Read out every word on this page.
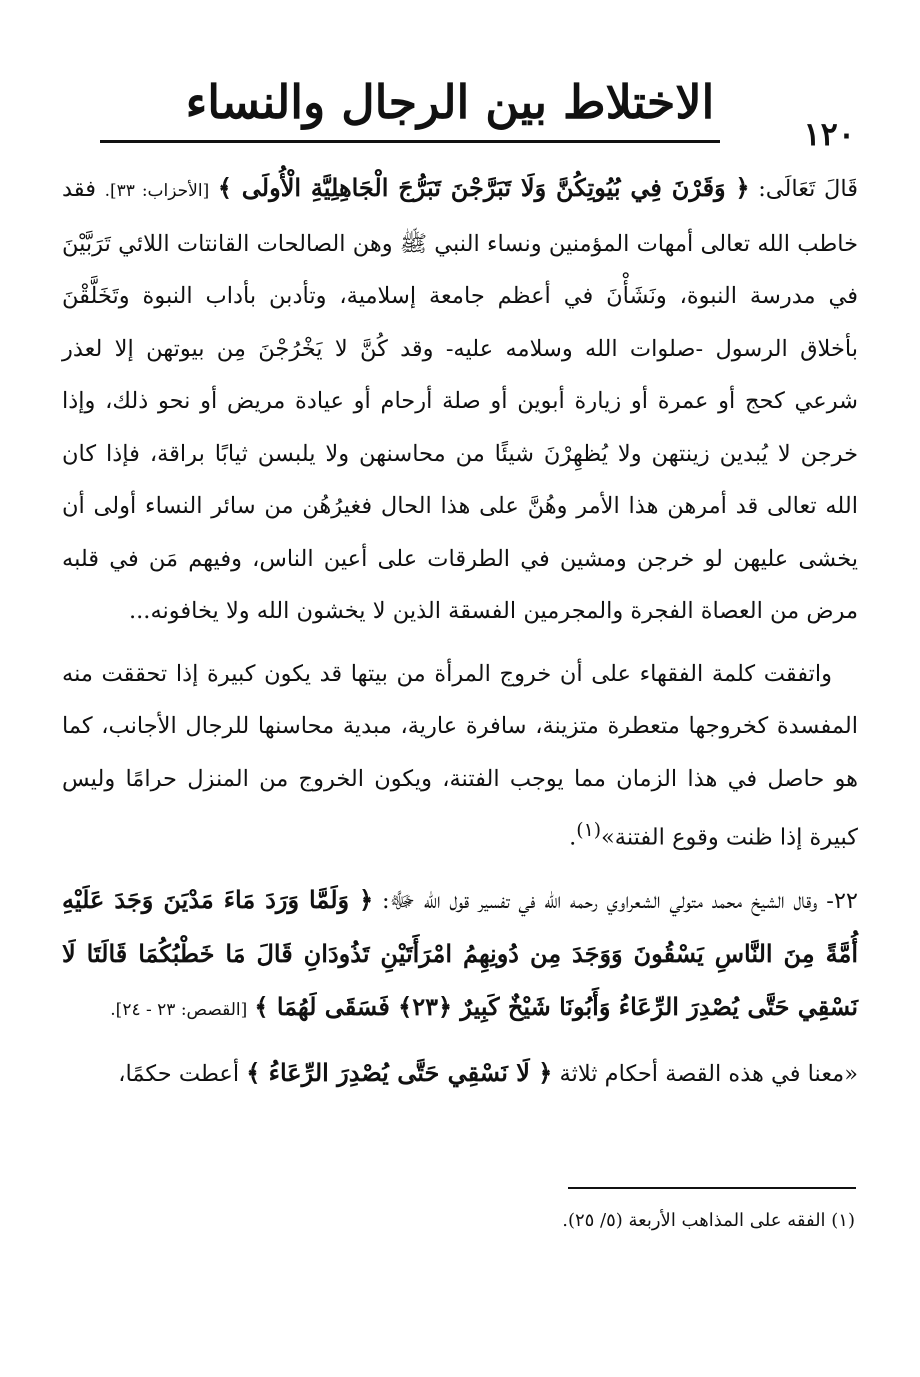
الاختلاط بين الرجال والنساء
١٢٠

قَالَ تَعَالَى: ﴿ وَقَرْنَ فِي بُيُوتِكُنَّ وَلَا تَبَرَّجْنَ تَبَرُّجَ الْجَاهِلِيَّةِ الْأُولَى ﴾ [الأحزاب: ٣٣]. فقد خاطب الله تعالى أمهات المؤمنين ونساء النبي ﷺ وهن الصالحات القانتات اللائي تَرَبَّيْنَ في مدرسة النبوة، ونَشَأْنَ في أعظم جامعة إسلامية، وتأدبن بأداب النبوة وتَخَلَّقْنَ بأخلاق الرسول -صلوات الله وسلامه عليه- وقد كُنَّ لا يَخْرُجْنَ مِن بيوتهن إلا لعذر شرعي كحج أو عمرة أو زيارة أبوين أو صلة أرحام أو عيادة مريض أو نحو ذلك، وإذا خرجن لا يُبدين زينتهن ولا يُظهِرْنَ شيئًا من محاسنهن ولا يلبسن ثيابًا براقة، فإذا كان الله تعالى قد أمرهن هذا الأمر وهُنَّ على هذا الحال فغيرُهُن من سائر النساء أولى أن يخشى عليهن لو خرجن ومشين في الطرقات على أعين الناس، وفيهم مَن في قلبه مرض من العصاة الفجرة والمجرمين الفسقة الذين لا يخشون الله ولا يخافونه...

واتفقت كلمة الفقهاء على أن خروج المرأة من بيتها قد يكون كبيرة إذا تحققت منه المفسدة كخروجها متعطرة متزينة، سافرة عارية، مبدية محاسنها للرجال الأجانب، كما هو حاصل في هذا الزمان مما يوجب الفتنة، ويكون الخروج من المنزل حرامًا وليس كبيرة إذا ظنت وقوع الفتنة»$^{(١)}$.

٢٢- وقال الشيخ محمد متولي الشعراوي رحمه الله في تفسير قول الله ﷻ: ﴿ وَلَمَّا وَرَدَ مَاءَ مَدْيَنَ وَجَدَ عَلَيْهِ أُمَّةً مِنَ النَّاسِ يَسْقُونَ وَوَجَدَ مِن دُونِهِمُ امْرَأَتَيْنِ تَذُودَانِ قَالَ مَا خَطْبُكُمَا قَالَتَا لَا نَسْقِي حَتَّى يُصْدِرَ الرِّعَاءُ وَأَبُونَا شَيْخٌ كَبِيرٌ ﴿٢٣﴾ فَسَقَى لَهُمَا ﴾ [القصص: ٢٣ - ٢٤].

«معنا في هذه القصة أحكام ثلاثة ﴿ لَا نَسْقِي حَتَّى يُصْدِرَ الرِّعَاءُ ﴾ أعطت حكمًا،

(١) الفقه على المذاهب الأربعة (٥/ ٢٥).
